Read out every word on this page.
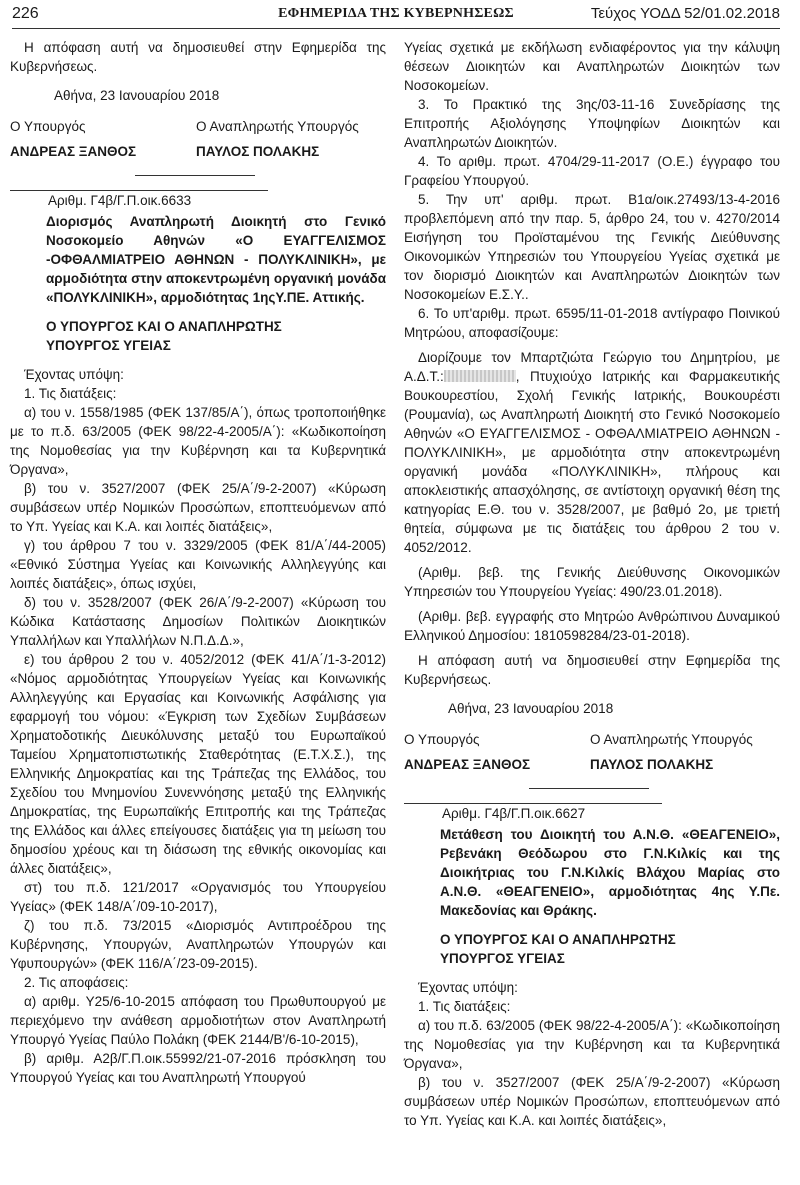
226	ΕΦΗΜΕΡΙΔΑ ΤΗΣ ΚΥΒΕΡΝΗΣΕΩΣ	Τεύχος ΥΟΔΔ 52/01.02.2018

Η απόφαση αυτή να δημοσιευθεί στην Εφημερίδα της Κυβερνήσεως.

Αθήνα, 23 Ιανουαρίου 2018
Ο Υπουργός	Ο Αναπληρωτής Υπουργός
ΑΝΔΡΕΑΣ ΞΑΝΘΟΣ	ΠΑΥΛΟΣ ΠΟΛΑΚΗΣ
Αριθμ. Γ4β/Γ.Π.οικ.6633
Διορισμός Αναπληρωτή Διοικητή στο Γενικό Νοσοκομείο Αθηνών «Ο ΕΥΑΓΓΕΛΙΣΜΟΣ -ΟΦΘΑΛΜΙΑΤΡΕΙΟ ΑΘΗΝΩΝ - ΠΟΛΥΚΛΙΝΙΚΗ», με αρμοδιότητα στην αποκεντρωμένη οργανική μονάδα «ΠΟΛΥΚΛΙΝΙΚΗ», αρμοδιότητας 1ηςΥ.ΠΕ. Αττικής.
Ο ΥΠΟΥΡΓΟΣ ΚΑΙ Ο ΑΝΑΠΛΗΡΩΤΗΣ
ΥΠΟΥΡΓΟΣ ΥΓΕΙΑΣ

Έχοντας υπόψη:

1. Τις διατάξεις:

α) του ν. 1558/1985 (ΦΕΚ 137/85/Α΄), όπως τροποποιήθηκε με το π.δ. 63/2005 (ΦΕΚ 98/22-4-2005/Α΄): «Κωδικοποίηση της Νομοθεσίας για την Κυβέρνηση και τα Κυβερνητικά Όργανα»,

β) του ν. 3527/2007 (ΦΕΚ 25/Α΄/9-2-2007) «Κύρωση συμβάσεων υπέρ Νομικών Προσώπων, εποπτευόμενων από το Υπ. Υγείας και Κ.Α. και λοιπές διατάξεις»,

γ) του άρθρου 7 του ν. 3329/2005 (ΦΕΚ 81/Α΄/44-2005) «Εθνικό Σύστημα Υγείας και Κοινωνικής Αλληλεγγύης και λοιπές διατάξεις», όπως ισχύει,

δ) του ν. 3528/2007 (ΦΕΚ 26/Α΄/9-2-2007) «Κύρωση του Κώδικα Κατάστασης Δημοσίων Πολιτικών Διοικητικών Υπαλλήλων και Υπαλλήλων Ν.Π.Δ.Δ.»,

ε) του άρθρου 2 του ν. 4052/2012 (ΦΕΚ 41/Α΄/1-3-2012) «Νόμος αρμοδιότητας Υπουργείων Υγείας και Κοινωνικής Αλληλεγγύης και Εργασίας και Κοινωνικής Ασφάλισης για εφαρμογή του νόμου: «Έγκριση των Σχεδίων Συμβάσεων Χρηματοδοτικής Διευκόλυνσης μεταξύ του Ευρωπαϊκού Ταμείου Χρηματοπιστωτικής Σταθερότητας (Ε.Τ.Χ.Σ.), της Ελληνικής Δημοκρατίας και της Τράπεζας της Ελλάδος, του Σχεδίου του Μνημονίου Συνεννόησης μεταξύ της Ελληνικής Δημοκρατίας, της Ευρωπαϊκής Επιτροπής και της Τράπεζας της Ελλάδος και άλλες επείγουσες διατάξεις για τη μείωση του δημοσίου χρέους και τη διάσωση της εθνικής οικονομίας και άλλες διατάξεις»,

στ) του π.δ. 121/2017 «Οργανισμός του Υπουργείου Υγείας» (ΦΕΚ 148/Α΄/09-10-2017),

ζ) του π.δ. 73/2015 «Διορισμός Αντιπροέδρου της Κυβέρνησης, Υπουργών, Αναπληρωτών Υπουργών και Υφυπουργών» (ΦΕΚ 116/Α΄/23-09-2015).

2. Τις αποφάσεις:

α) αριθμ. Υ25/6-10-2015 απόφαση του Πρωθυπουργού με περιεχόμενο την ανάθεση αρμοδιοτήτων στον Αναπληρωτή Υπουργό Υγείας Παύλο Πολάκη (ΦΕΚ 2144/Β'/6-10-2015),

β) αριθμ. Α2β/Γ.Π.οικ.55992/21-07-2016 πρόσκληση του Υπουργού Υγείας και του Αναπληρωτή Υπουργού

Υγείας σχετικά με εκδήλωση ενδιαφέροντος για την κάλυψη θέσεων Διοικητών και Αναπληρωτών Διοικητών των Νοσοκομείων.

3. Το Πρακτικό της 3ης/03-11-16 Συνεδρίασης της Επιτροπής Αξιολόγησης Υποψηφίων Διοικητών και Αναπληρωτών Διοικητών.

4. Το αριθμ. πρωτ. 4704/29-11-2017 (Ο.Ε.) έγγραφο του Γραφείου Υπουργού.

5. Την υπ' αριθμ. πρωτ. Β1α/οικ.27493/13-4-2016 προβλεπόμενη από την παρ. 5, άρθρο 24, του ν. 4270/2014 Εισήγηση του Προϊσταμένου της Γενικής Διεύθυνσης Οικονομικών Υπηρεσιών του Υπουργείου Υγείας σχετικά με τον διορισμό Διοικητών και Αναπληρωτών Διοικητών των Νοσοκομείων Ε.Σ.Υ..

6. Το υπ'αριθμ. πρωτ. 6595/11-01-2018 αντίγραφο Ποινικού Μητρώου, αποφασίζουμε:

Διορίζουμε τον Μπαρτζιώτα Γεώργιο του Δημητρίου, με Α.Δ.Τ.:	, Πτυχιούχο Ιατρικής και Φαρμακευτικής Βουκουρεστίου, Σχολή Γενικής Ιατρικής, Βουκουρέστι (Ρουμανία), ως Αναπληρωτή Διοικητή στο Γενικό Νοσοκομείο Αθηνών «Ο ΕΥΑΓΓΕΛΙΣΜΟΣ - ΟΦΘΑΛΜΙΑΤΡΕΙΟ ΑΘΗΝΩΝ - ΠΟΛΥΚΛΙΝΙΚΗ», με αρμοδιότητα στην αποκεντρωμένη οργανική μονάδα «ΠΟΛΥΚΛΙΝΙΚΗ», πλήρους και αποκλειστικής απασχόλησης, σε αντίστοιχη οργανική θέση της κατηγορίας Ε.Θ. του ν. 3528/2007, με βαθμό 2ο, με τριετή θητεία, σύμφωνα με τις διατάξεις του άρθρου 2 του ν. 4052/2012.

(Αριθμ. βεβ. της Γενικής Διεύθυνσης Οικονομικών Υπηρεσιών του Υπουργείου Υγείας: 490/23.01.2018).

(Αριθμ. βεβ. εγγραφής στο Μητρώο Ανθρώπινου Δυναμικού Ελληνικού Δημοσίου: 1810598284/23-01-2018).

Η απόφαση αυτή να δημοσιευθεί στην Εφημερίδα της Κυβερνήσεως.

Αθήνα, 23 Ιανουαρίου 2018
Ο Υπουργός	Ο Αναπληρωτής Υπουργός
ΑΝΔΡΕΑΣ ΞΑΝΘΟΣ	ΠΑΥΛΟΣ ΠΟΛΑΚΗΣ
Αριθμ. Γ4β/Γ.Π.οικ.6627
Μετάθεση του Διοικητή του Α.Ν.Θ. «ΘΕΑΓΕΝΕΙΟ», Ρεβενάκη Θεόδωρου στο Γ.Ν.Κιλκίς και της Διοικήτριας του Γ.Ν.Κιλκίς Βλάχου Μαρίας στο Α.Ν.Θ. «ΘΕΑΓΕΝΕΙΟ», αρμοδιότητας 4ης Υ.Πε. Μακεδονίας και Θράκης.
Ο ΥΠΟΥΡΓΟΣ ΚΑΙ Ο ΑΝΑΠΛΗΡΩΤΗΣ
ΥΠΟΥΡΓΟΣ ΥΓΕΙΑΣ

Έχοντας υπόψη:

1. Τις διατάξεις:

α) του π.δ. 63/2005 (ΦΕΚ 98/22-4-2005/Α΄): «Κωδικοποίηση της Νομοθεσίας για την Κυβέρνηση και τα Κυβερνητικά Όργανα»,

β) του ν. 3527/2007 (ΦΕΚ 25/Α΄/9-2-2007) «Κύρωση συμβάσεων υπέρ Νομικών Προσώπων, εποπτευόμενων από το Υπ. Υγείας και Κ.Α. και λοιπές διατάξεις»,
